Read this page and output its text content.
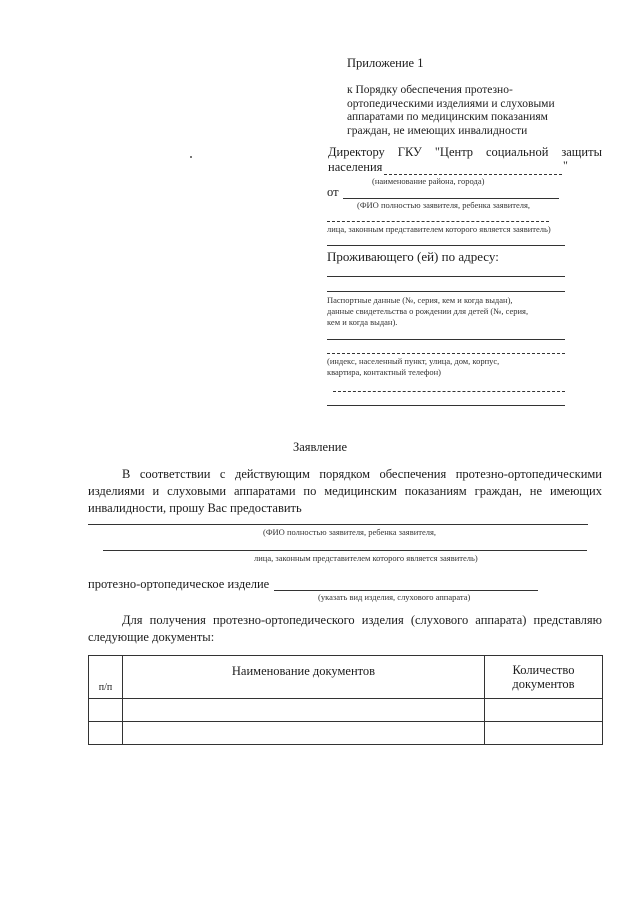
Приложение 1
к Порядку обеспечения протезно-
ортопедическими изделиями и слуховыми
аппаратами по медицинским показаниям
граждан, не имеющих инвалидности
Директору ГКУ "Центр социальной защиты
населения	"
(наименование района, города)
от
(ФИО полностью заявителя, ребенка заявителя,
лица, законным представителем которого является заявитель)
Проживающего (ей) по адресу:
Паспортные данные (№, серия, кем и когда выдан),
данные свидетельства о рождении для детей (№, серия,
кем и когда выдан).
(индекс, населенный пункт, улица, дом, корпус,
квартира, контактный телефон)
Заявление
В соответствии с действующим порядком обеспечения протезно-ортопедическими изделиями и слуховыми аппаратами по медицинским показаниям граждан, не имеющих инвалидности, прошу Вас предоставить
(ФИО полностью заявителя, ребенка заявителя,
лица, законным представителем которого является заявитель)
протезно-ортопедическое изделие
(указать вид изделия, слухового аппарата)
Для получения протезно-ортопедического изделия (слухового аппарата) представляю следующие документы:
п/п	Наименование документов	Количество документов
